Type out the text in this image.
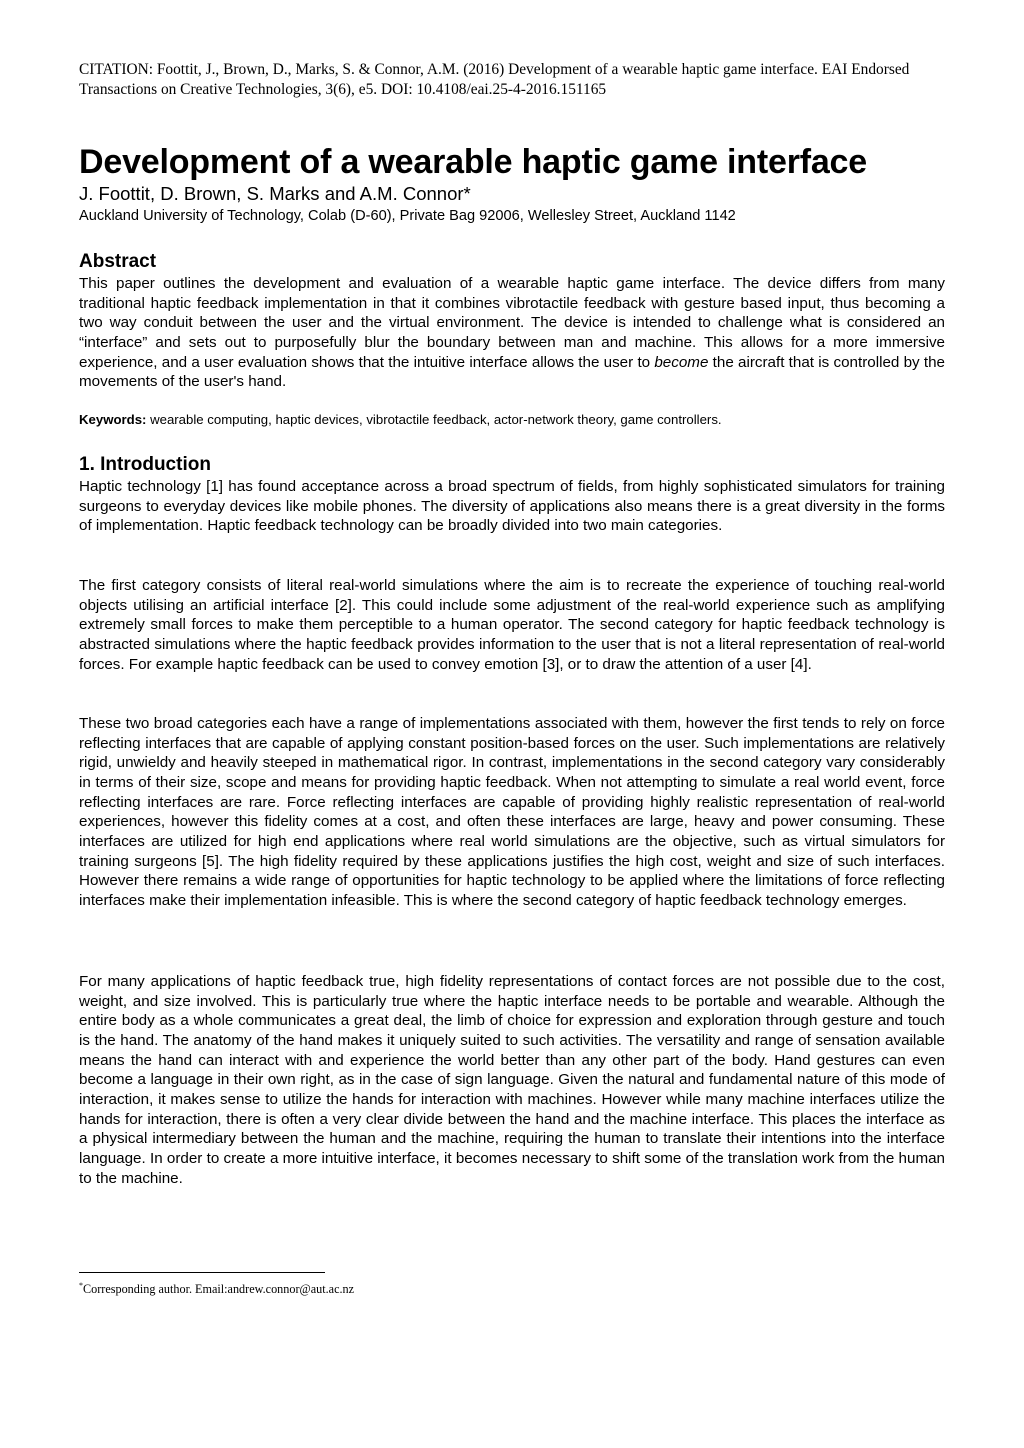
CITATION: Foottit, J., Brown, D., Marks, S. & Connor, A.M. (2016) Development of a wearable haptic game interface. EAI Endorsed Transactions on Creative Technologies, 3(6), e5. DOI: 10.4108/eai.25-4-2016.151165

Development of a wearable haptic game interface

J. Foottit, D. Brown, S. Marks and A.M. Connor*

Auckland University of Technology, Colab (D-60), Private Bag 92006, Wellesley Street, Auckland 1142

Abstract

This paper outlines the development and evaluation of a wearable haptic game interface. The device differs from many traditional haptic feedback implementation in that it combines vibrotactile feedback with gesture based input, thus becoming a two way conduit between the user and the virtual environment. The device is intended to challenge what is considered an “interface” and sets out to purposefully blur the boundary between man and machine. This allows for a more immersive experience, and a user evaluation shows that the intuitive interface allows the user to become the aircraft that is controlled by the movements of the user's hand.

Keywords: wearable computing, haptic devices, vibrotactile feedback, actor-network theory, game controllers.

1. Introduction

Haptic technology [1] has found acceptance across a broad spectrum of fields, from highly sophisticated simulators for training surgeons to everyday devices like mobile phones. The diversity of applications also means there is a great diversity in the forms of implementation. Haptic feedback technology can be broadly divided into two main categories.

The first category consists of literal real-world simulations where the aim is to recreate the experience of touching real-world objects utilising an artificial interface [2]. This could include some adjustment of the real-world experience such as amplifying extremely small forces to make them perceptible to a human operator. The second category for haptic feedback technology is abstracted simulations where the haptic feedback provides information to the user that is not a literal representation of real-world forces. For example haptic feedback can be used to convey emotion [3], or to draw the attention of a user [4].

These two broad categories each have a range of implementations associated with them, however the first tends to rely on force reflecting interfaces that are capable of applying constant position-based forces on the user. Such implementations are relatively rigid, unwieldy and heavily steeped in mathematical rigor. In contrast, implementations in the second category vary considerably in terms of their size, scope and means for providing haptic feedback. When not attempting to simulate a real world event, force reflecting interfaces are rare. Force reflecting interfaces are capable of providing highly realistic representation of real-world experiences, however this fidelity comes at a cost, and often these interfaces are large, heavy and power consuming. These interfaces are utilized for high end applications where real world simulations are the objective, such as virtual simulators for training surgeons [5]. The high fidelity required by these applications justifies the high cost, weight and size of such interfaces. However there remains a wide range of opportunities for haptic technology to be applied where the limitations of force reflecting interfaces make their implementation infeasible. This is where the second category of haptic feedback technology emerges.

For many applications of haptic feedback true, high fidelity representations of contact forces are not possible due to the cost, weight, and size involved. This is particularly true where the haptic interface needs to be portable and wearable. Although the entire body as a whole communicates a great deal, the limb of choice for expression and exploration through gesture and touch is the hand. The anatomy of the hand makes it uniquely suited to such activities. The versatility and range of sensation available means the hand can interact with and experience the world better than any other part of the body. Hand gestures can even become a language in their own right, as in the case of sign language. Given the natural and fundamental nature of this mode of interaction, it makes sense to utilize the hands for interaction with machines. However while many machine interfaces utilize the hands for interaction, there is often a very clear divide between the hand and the machine interface. This places the interface as a physical intermediary between the human and the machine, requiring the human to translate their intentions into the interface language. In order to create a more intuitive interface, it becomes necessary to shift some of the translation work from the human to the machine.

*Corresponding author. Email:andrew.connor@aut.ac.nz
